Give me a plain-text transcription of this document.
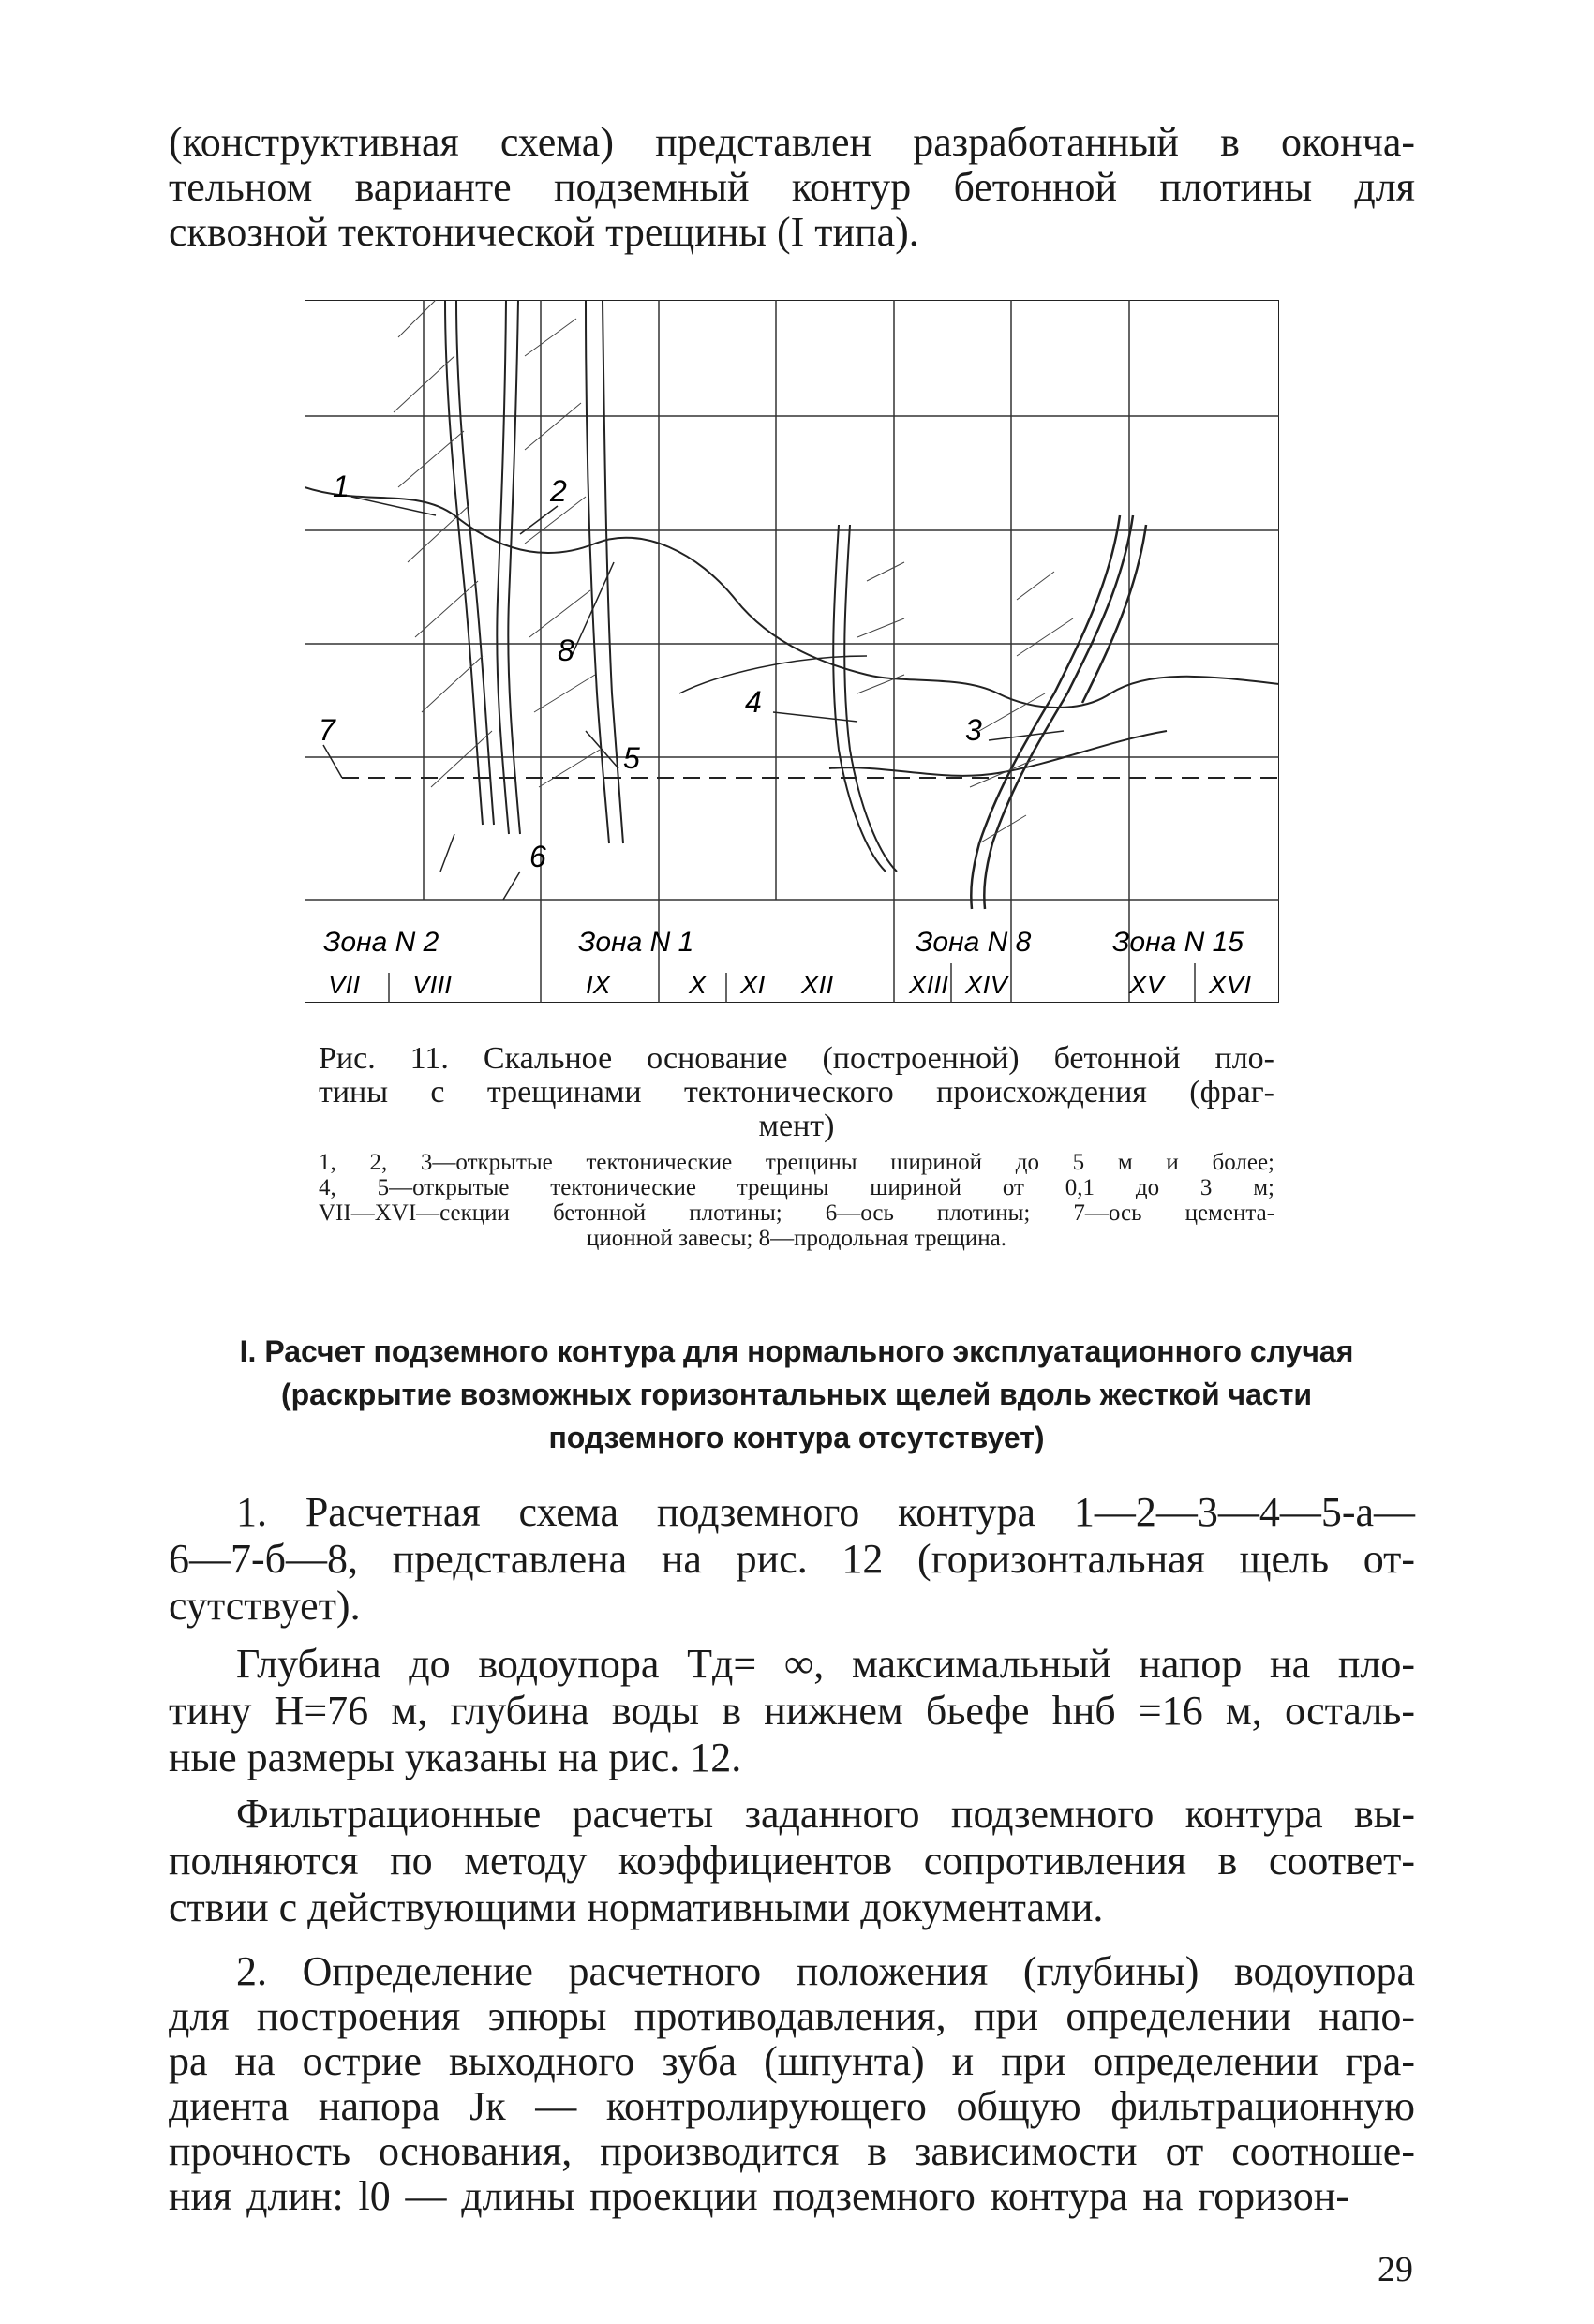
(конструктивная схема) представлен разработанный в оконча-
тельном варианте подземный контур бетонной плотины для
сквозной тектонической трещины (I типа).
1	2
3
4
5
6
7
8
Зона N 2	Зона N 1	Зона N 8	Зона N 15
VII VIII	IX	X XI XII	XIII XIV	XV XVI
Рис. 11. Скальное основание (построенной) бетонной пло-
тины с трещинами тектонического происхождения (фраг-
мент)
1, 2, 3—открытые тектонические трещины шириной до 5 м и более;
4, 5—открытые тектонические трещины шириной от 0,1 до 3 м;
VII—XVI—секции бетонной плотины; 6—ось плотины; 7—ось цемента-
ционной завесы; 8—продольная трещина.
I. Расчет подземного контура для нормального эксплуатационного случая
(раскрытие возможных горизонтальных щелей вдоль жесткой части
подземного контура отсутствует)
1. Расчетная схема подземного контура 1—2—3—4—5-а—
6—7-б—8, представлена на рис. 12 (горизонтальная щель от-
сутствует).
Глубина до водоупора Tд= ∞, максимальный напор на пло-
тину H=76 м, глубина воды в нижнем бьефе hнб =16 м, осталь-
ные размеры указаны на рис. 12.
Фильтрационные расчеты заданного подземного контура вы-
полняются по методу коэффициентов сопротивления в соответ-
ствии с действующими нормативными документами.
2. Определение расчетного положения (глубины) водоупора
для построения эпюры противодавления, при определении напо-
ра на острие выходного зуба (шпунта) и при определении гра-
диента напора Jк — контролирующего общую фильтрационную
прочность основания, производится в зависимости от соотноше-
ния длин: l0 — длины проекции подземного контура на горизон-
29
